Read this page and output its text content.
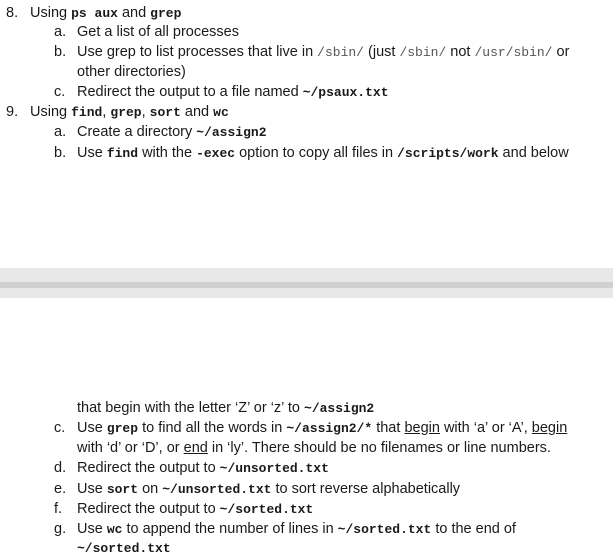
8. Using ps aux and grep
a. Get a list of all processes
b. Use grep to list processes that live in /sbin/ (just /sbin/ not /usr/sbin/ or
other directories)
c. Redirect the output to a file named ~/psaux.txt
9. Using find, grep, sort and wc
a. Create a directory ~/assign2
b. Use find with the -exec option to copy all files in /scripts/work and below
that begin with the letter ‘Z’ or ‘z’ to ~/assign2
c. Use grep to find all the words in ~/assign2/* that begin with ‘a’ or ‘A’, begin
with ‘d’ or ‘D’, or end in ‘ly’. There should be no filenames or line numbers.
d. Redirect the output to ~/unsorted.txt
e. Use sort on ~/unsorted.txt to sort reverse alphabetically
f. Redirect the output to ~/sorted.txt
g. Use wc to append the number of lines in ~/sorted.txt to the end of
~/sorted.txt
